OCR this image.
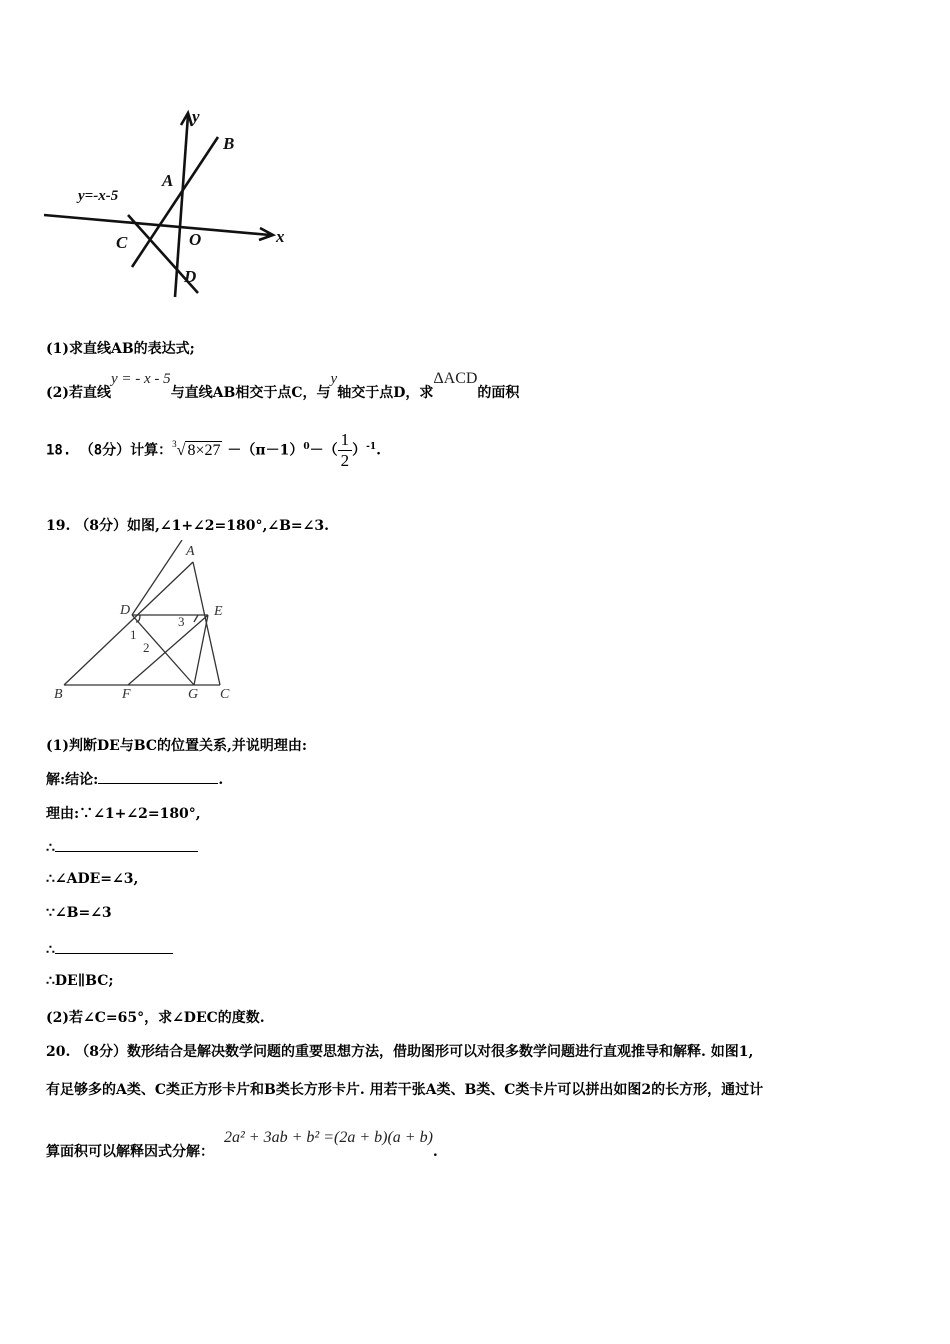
y
B
A
x
C	O
D
y=-x-5
(1)求直线AB的表达式;
(2)若直线y = - x - 5与直线AB相交于点C，与y轴交于点D，求ΔACD的面积
18. （8分）计算：$^3$√ $8\times 27 -(\pi-1)^0-( \frac{1}{2} )^{-1}$.
19. （8分）如图,∠1+∠2=180°,∠B=∠3.
A
D	E
B	F	G C
1
2
3
(1)判断DE与BC的位置关系,并说明理由:
解:结论:	.
理由:∵∠1+∠2=180°,
∴
∴∠ADE=∠3,
∵∠B=∠3
∴
∴DE∥BC;
(2)若∠C=65°，求∠DEC的度数.
20. （8分）数形结合是解决数学问题的重要思想方法，借助图形可以对很多数学问题进行直观推导和解释. 如图1,
有足够多的A类、C类正方形卡片和B类长方形卡片. 用若干张A类、B类、C类卡片可以拼出如图2的长方形，通过计
算面积可以解释因式分解：2a² + 3ab + b² =(2a + b)(a + b).
